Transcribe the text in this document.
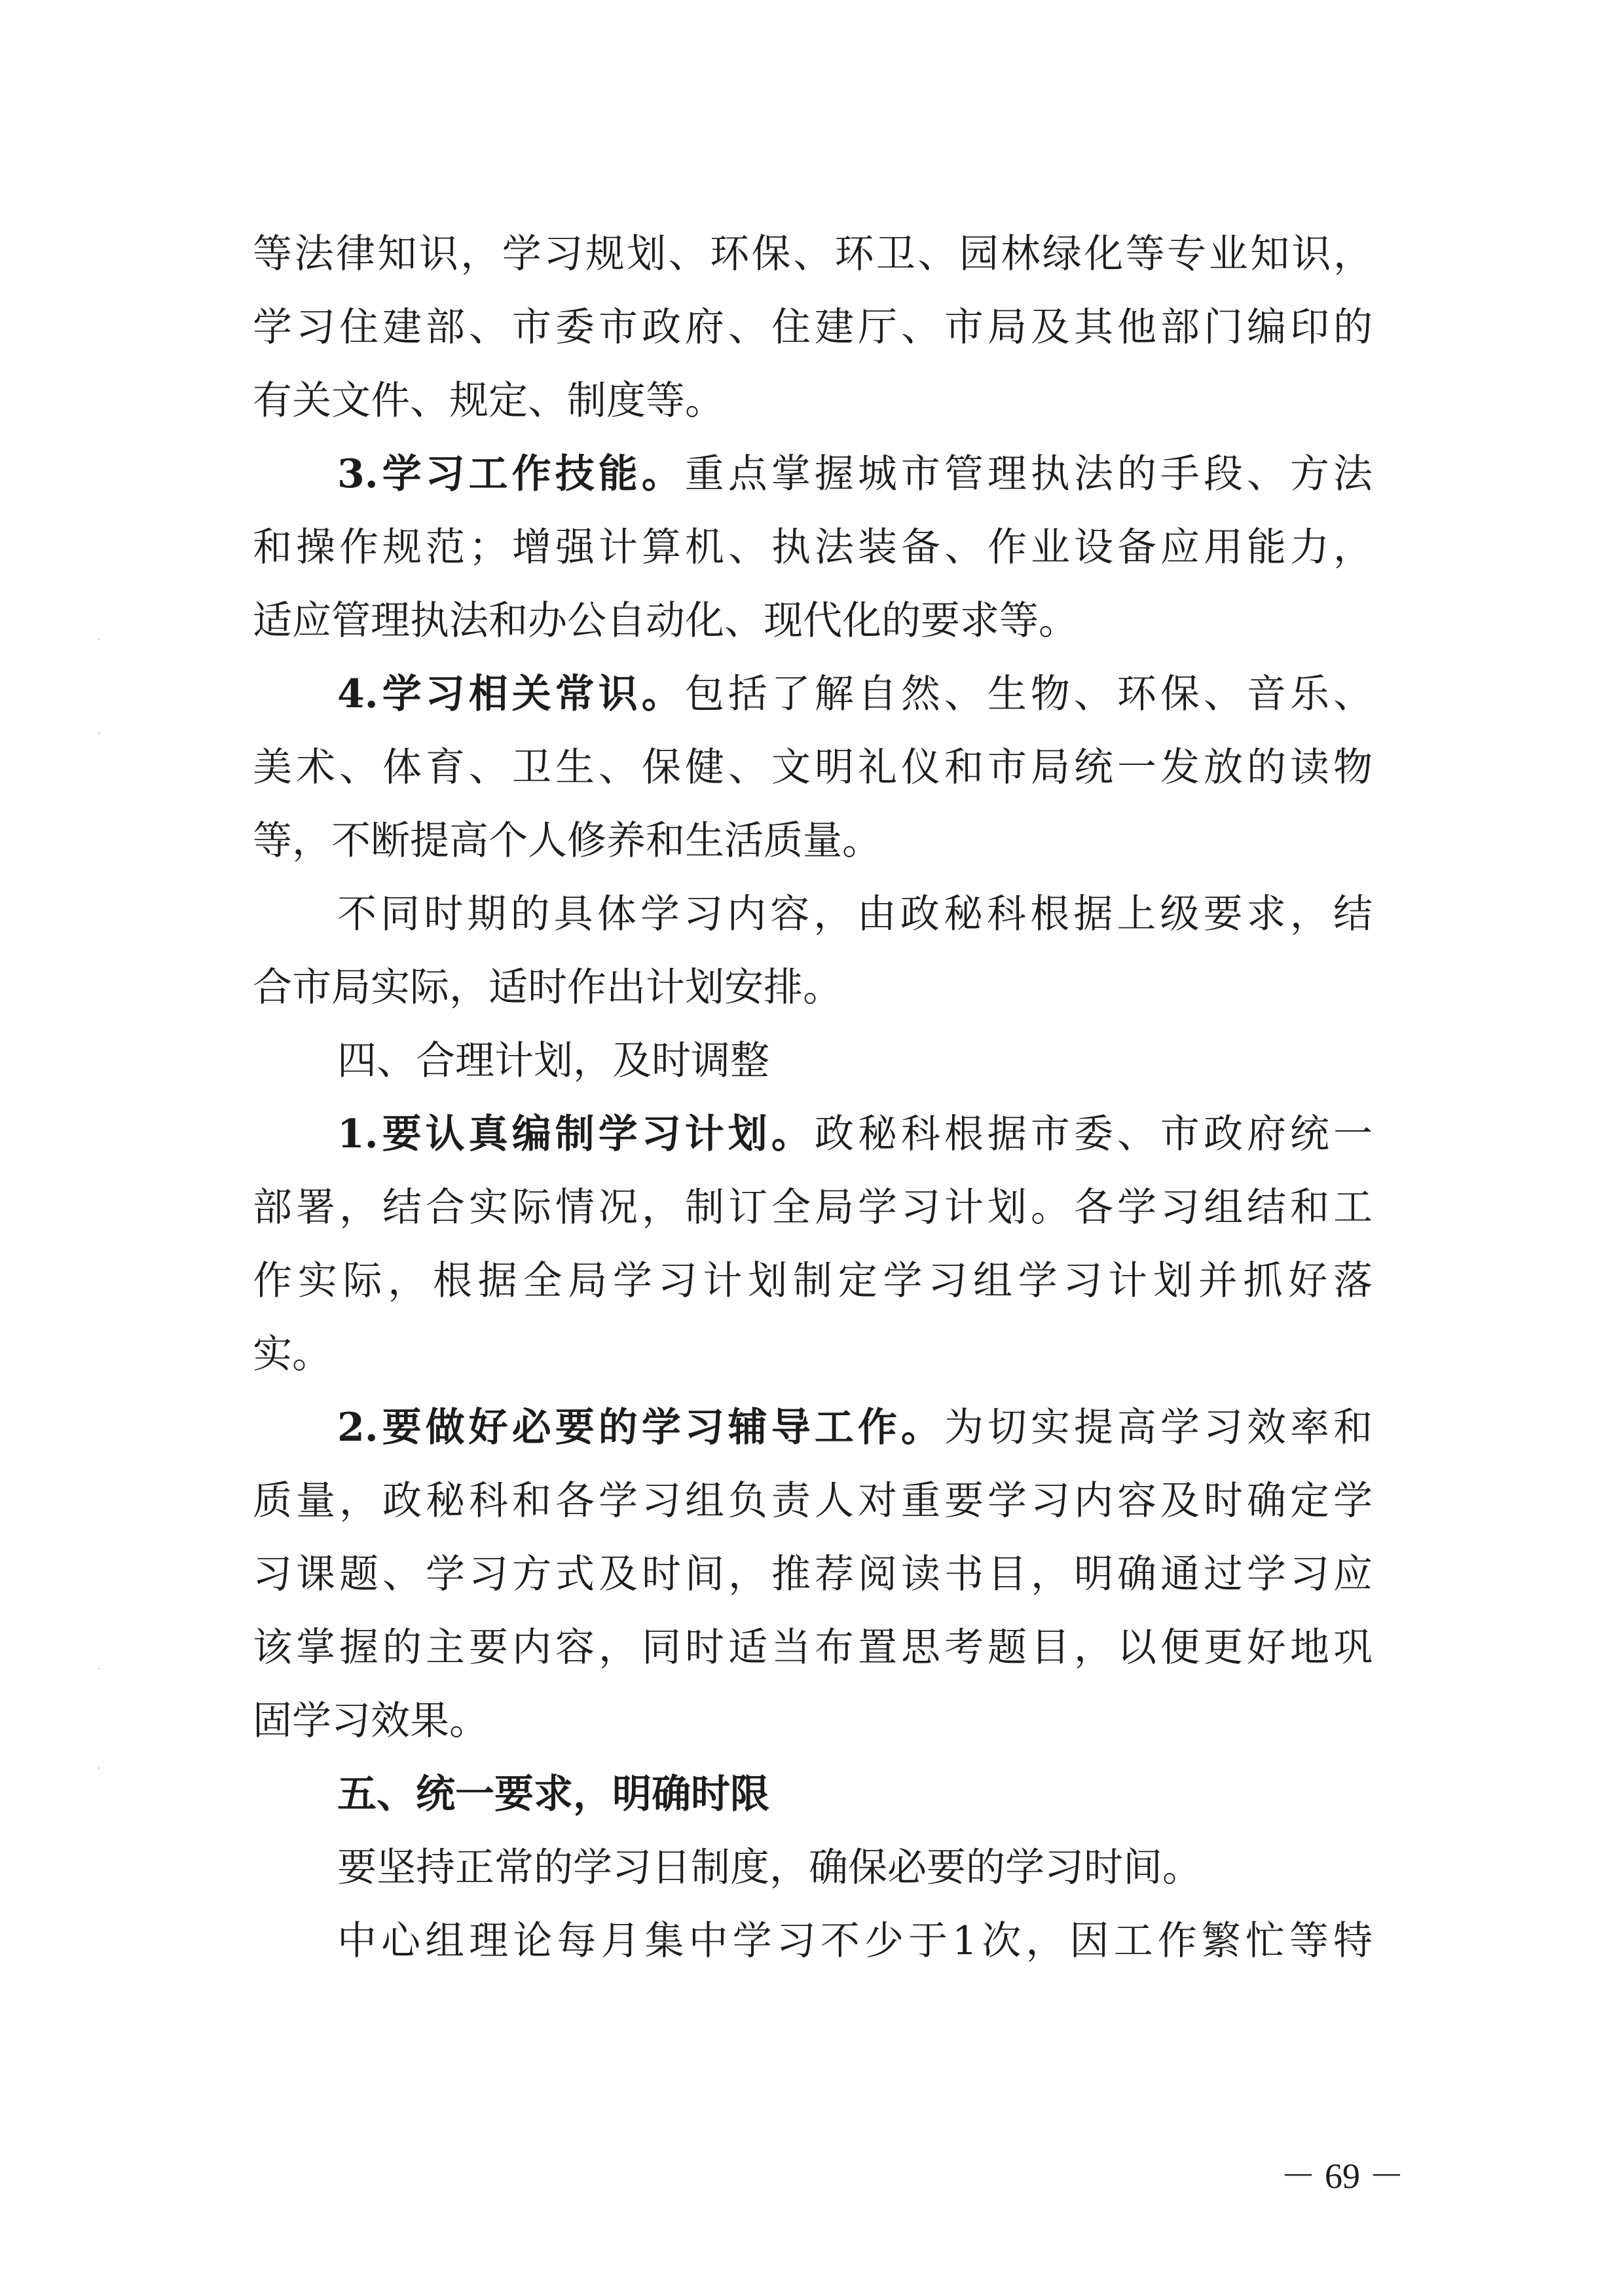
等法律知识，学习规划、环保、环卫、园林绿化等专业知识，
学习住建部、市委市政府、住建厅、市局及其他部门编印的
有关文件、规定、制度等。
3.学习工作技能。重点掌握城市管理执法的手段、方法
和操作规范；增强计算机、执法装备、作业设备应用能力，
适应管理执法和办公自动化、现代化的要求等。
4.学习相关常识。包括了解自然、生物、环保、音乐、
美术、体育、卫生、保健、文明礼仪和市局统一发放的读物
等，不断提高个人修养和生活质量。
不同时期的具体学习内容，由政秘科根据上级要求，结
合市局实际，适时作出计划安排。
四、合理计划，及时调整
1.要认真编制学习计划。政秘科根据市委、市政府统一
部署，结合实际情况，制订全局学习计划。各学习组结和工
作实际，根据全局学习计划制定学习组学习计划并抓好落
实。
2.要做好必要的学习辅导工作。为切实提高学习效率和
质量，政秘科和各学习组负责人对重要学习内容及时确定学
习课题、学习方式及时间，推荐阅读书目，明确通过学习应
该掌握的主要内容，同时适当布置思考题目，以便更好地巩
固学习效果。
五、统一要求，明确时限
要坚持正常的学习日制度，确保必要的学习时间。
中心组理论每月集中学习不少于1次，因工作繁忙等特
－ 69 －
·
·
·
·
